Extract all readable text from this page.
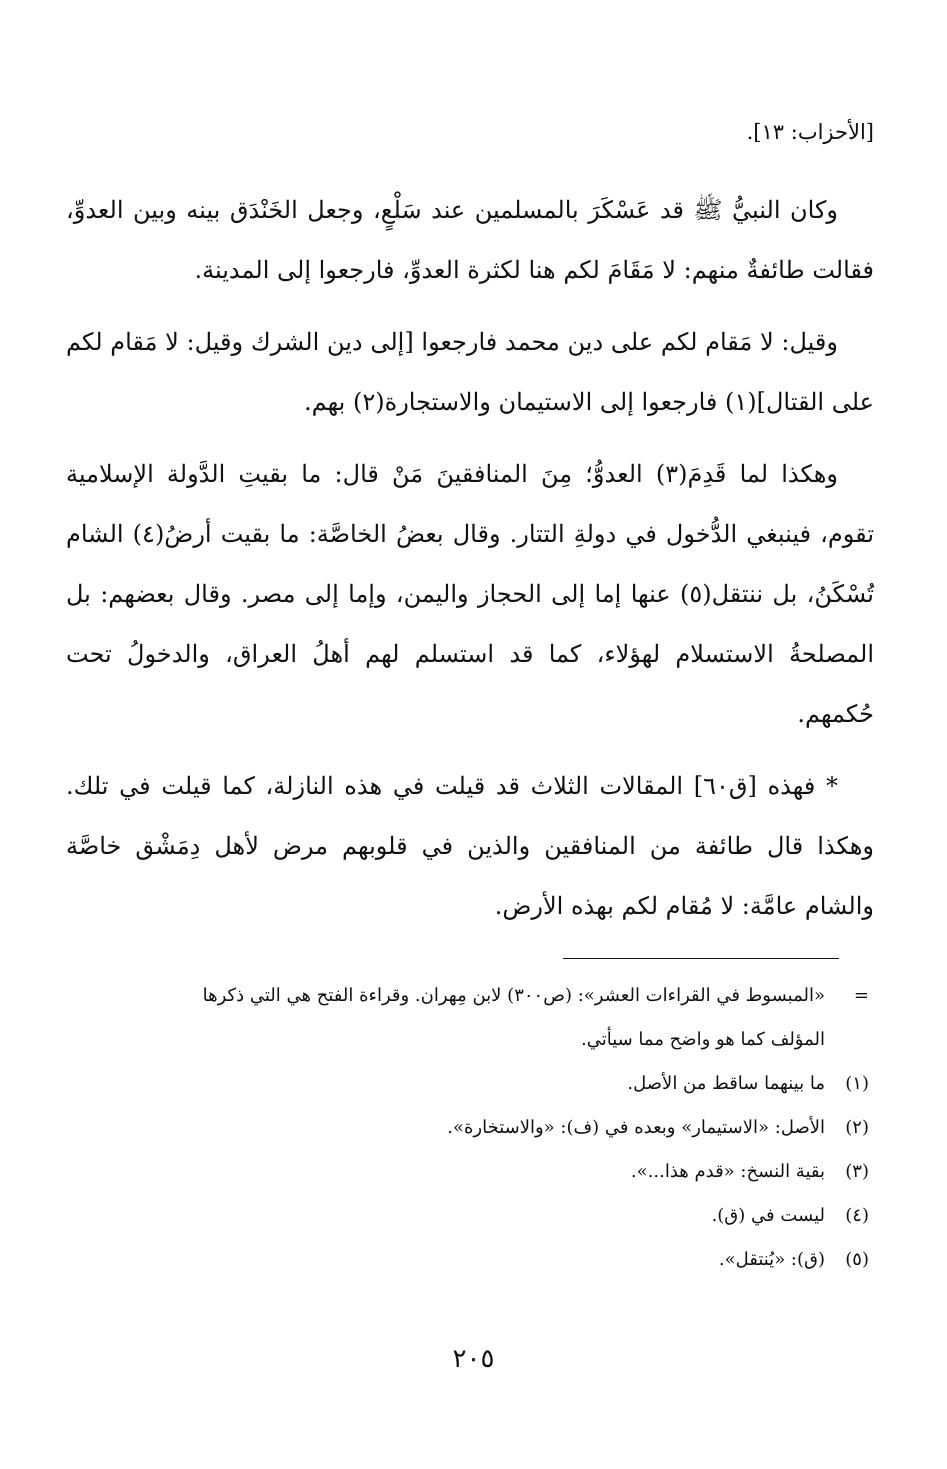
[الأحزاب: ١٣].

وكان النبيُّ ﷺ قد عَسْكَرَ بالمسلمين عند سَلْعٍ، وجعل الخَنْدَق بينه وبين العدوِّ، فقالت طائفةٌ منهم: لا مَقَامَ لكم هنا لكثرة العدوِّ، فارجعوا إلى المدينة.

وقيل: لا مَقام لكم على دين محمد فارجعوا [إلى دين الشرك وقيل: لا مَقام لكم على القتال](١) فارجعوا إلى الاستيمان والاستجارة(٢) بهم.

وهكذا لما قَدِمَ(٣) العدوُّ؛ مِنَ المنافقينَ مَنْ قال: ما بقيتِ الدَّولة الإسلامية تقوم، فينبغي الدُّخول في دولةِ التتار. وقال بعضُ الخاصَّة: ما بقيت أرضُ(٤) الشام تُسْكَنُ، بل ننتقل(٥) عنها إما إلى الحجاز واليمن، وإما إلى مصر. وقال بعضهم: بل المصلحةُ الاستسلام لهؤلاء، كما قد استسلم لهم أهلُ العراق، والدخولُ تحت حُكمهم.

* فهذه [ق٦٠] المقالات الثلاث قد قيلت في هذه النازلة، كما قيلت في تلك. وهكذا قال طائفة من المنافقين والذين في قلوبهم مرض لأهل دِمَشْق خاصَّة والشام عامَّة: لا مُقام لكم بهذه الأرض.

=
«المبسوط في القراءات العشر»: (ص٣٠٠) لابن مِهران. وقراءة الفتح هي التي ذكرها
المؤلف كما هو واضح مما سيأتي.
(١)
ما بينهما ساقط من الأصل.
(٢)
الأصل: «الاستيمار» وبعده في (ف): «والاستخارة».
(٣)
بقية النسخ: «قدم هذا...».
(٤)
ليست في (ق).
(٥)
(ق): «يُنتقل».
٢٠٥
